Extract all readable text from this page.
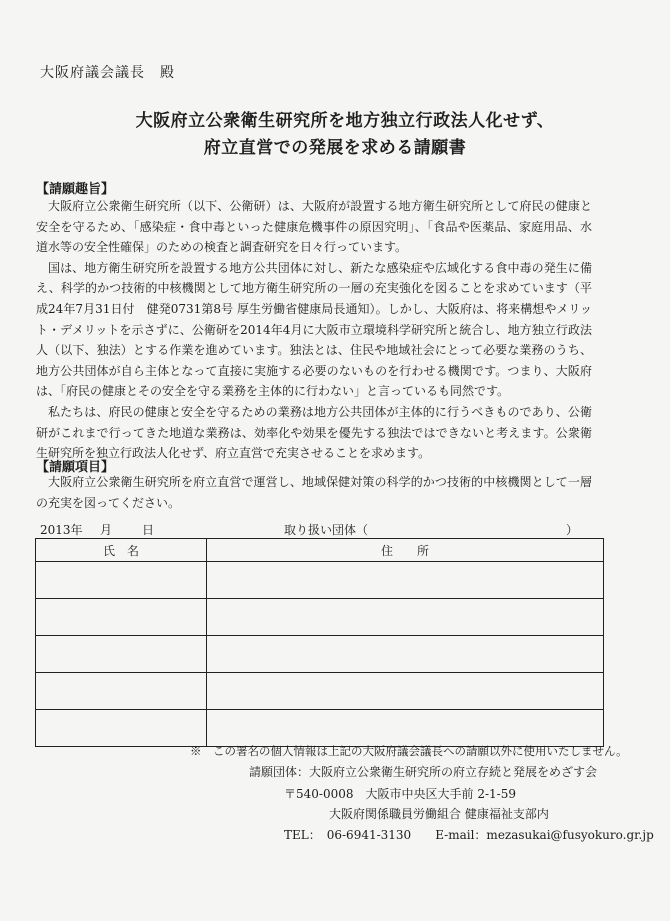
大阪府議会議長　殿
大阪府立公衆衛生研究所を地方独立行政法人化せず、
府立直営での発展を求める請願書
【請願趣旨】

大阪府立公衆衛生研究所（以下、公衛研）は、大阪府が設置する地方衛生研究所として府民の健康と安全を守るため、「感染症・食中毒といった健康危機事件の原因究明」、「食品や医薬品、家庭用品、水道水等の安全性確保」のための検査と調査研究を日々行っています。

国は、地方衛生研究所を設置する地方公共団体に対し、新たな感染症や広域化する食中毒の発生に備え、科学的かつ技術的中核機関として地方衛生研究所の一層の充実強化を図ることを求めています（平成24年7月31日付　健発0731第8号 厚生労働省健康局長通知）。しかし、大阪府は、将来構想やメリット・デメリットを示さずに、公衛研を2014年4月に大阪市立環境科学研究所と統合し、地方独立行政法人（以下、独法）とする作業を進めています。独法とは、住民や地域社会にとって必要な業務のうち、地方公共団体が自ら主体となって直接に実施する必要のないものを行わせる機関です。つまり、大阪府は、「府民の健康とその安全を守る業務を主体的に行わない」と言っているも同然です。

私たちは、府民の健康と安全を守るための業務は地方公共団体が主体的に行うべきものであり、公衛研がこれまで行ってきた地道な業務は、効率化や効果を優先する独法ではできないと考えます。公衆衛生研究所を独立行政法人化せず、府立直営で充実させることを求めます。

【請願項目】

大阪府立公衆衛生研究所を府立直営で運営し、地域保健対策の科学的かつ技術的中核機関として一層の充実を図ってください。

2013年 月 日	取り扱い団体（	）
氏　名	住　　所

※　この署名の個人情報は上記の大阪府議会議長への請願以外に使用いたしません。
請願団体：大阪府立公衆衛生研究所の府立存続と発展をめざす会
〒540-0008　大阪市中央区大手前 2-1-59
大阪府関係職員労働組合 健康福祉支部内
TEL：　06-6941-3130　　E-mail：mezasukai@fusyokuro.gr.jp
